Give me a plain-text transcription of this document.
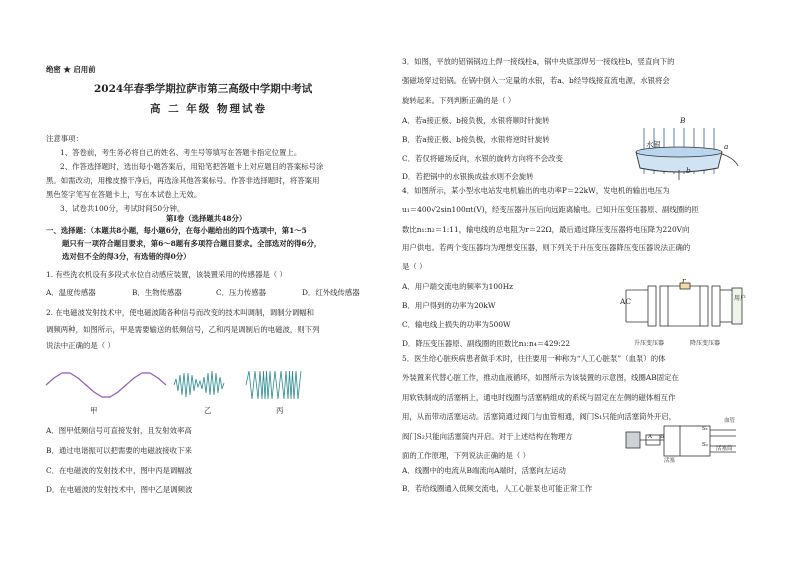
绝密 ★ 启用前
2024年春季学期拉萨市第三高级中学期中考试
高 二 年级 物理试卷
注意事项：
1、答卷前，考生务必将自己的姓名、考生号等填写在答题卡指定位置上。
2、作答选择题时，选出每小题答案后，用铅笔把答题卡上对应题目的答案标号涂
黑。如需改动，用橡皮擦干净后，再选涂其他答案标号。作答非选择题时，将答案用
黑色签字笔写在答题卡上，写在本试卷上无效。
3、试卷共100分，考试时间50分钟。
第Ⅰ卷（选择题共48分）
一、选择题：（本题共8小题，每小题6分，在每小题给出的四个选项中，第1～5
题只有一项符合题目要求，第6～8题有多项符合题目要求。全部选对的得6分，
选对但不全的得3分，有选错的得0分）
1. 有些洗衣机设有多段式水位自动感应装置，该装置采用的传感器是（ ）
A．温度传感器	B．生物传感器	C．压力传感器	D．红外线传感器
2. 在电磁波发射技术中，使电磁波随各种信号而改变的技术叫调制，调制分调幅和
调频两种，如图所示，甲是需要输送的低频信号，乙和丙是调制后的电磁波，则下列
说法中正确的是（ ）
甲	乙	丙
A．图甲低频信号可直接发射，且发射效率高
B．通过电谐振可以把需要的电磁波接收下来
C．在电磁波的发射技术中，图中丙是调幅波
D．在电磁波的发射技术中，图中乙是调频波
3．如图，平放的铝锅锅边上焊一接线柱a，锅中央底部焊另一接线柱b，竖直向下的
强磁场穿过铝锅。在锅中倒入一定量的水银，若a、b经导线接直流电源，水银将会
旋转起来。下列判断正确的是（ ）
A．若a接正极、b接负极，水银将顺时针旋转
B．若a接正极、b接负极，水银将逆时针旋转
C．若仅将磁场反向，水银的旋转方向将不会改变
D．若把锅中的水银换成盐水则不会旋转
B
水银	a
b
4．如图所示，某小型水电站发电机输出的电功率P＝22kW，发电机的输出电压为
u₁＝400√2sin100πt(V)，经变压器升压后向远距离输电。已知升压变压器原、副线圈的匝
数比n₁:n₂＝1:11，输电线的总电阻为r＝22Ω，最后通过降压变压器将电压降为220V向
用户供电。若两个变压器均为理想变压器，则下列关于升压变压器降压变压器说法正确的
是（ ）
A．用户端交流电的频率为100Hz
B．用户得到的功率为20kW
C．输电线上损失的功率为500W
D．降压变压器原、副线圈的匝数比n₃:n₄＝429:22
AC
r
用户
升压变压器	降压变压器
5．医生给心脏疾病患者做手术时，往往要用一种称为“人工心脏泵”（血泵）的体
外装置来代替心脏工作，推动血液循环，如图所示为该装置的示意图，线圈AB固定在
用软铁制成的活塞柄上，通电时线圈与活塞柄组成的系统与固定在左侧的磁体相互作
用，从而带动活塞运动。活塞筒通过阀门与血管相通，阀门S₁只能向活塞筒外开启，
阀门S₂只能向活塞筒内开启。对于上述结构在物理方
面的工作原理，下列说法正确的是（ ）
A．线圈中的电流从B端流向A端时，活塞向左运动
B．若给线圈通入低频交流电，人工心脏泵也可能正常工作
血管
活塞
活塞筒
S₁
S₂
A B
